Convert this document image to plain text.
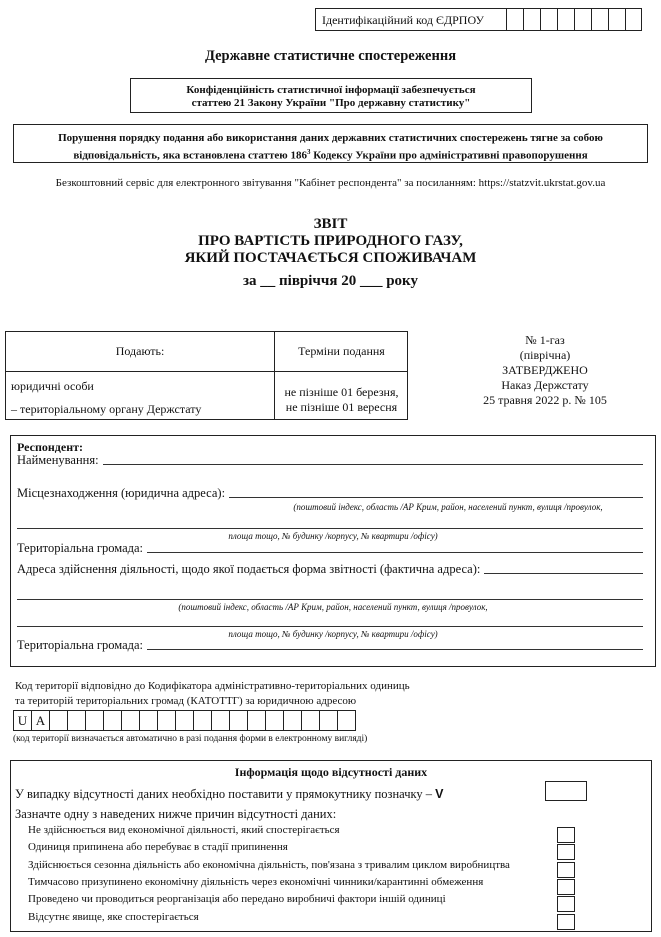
Ідентифікаційний код ЄДРПОУ
Державне статистичне спостереження
Конфіденційність статистичної інформації забезпечується
статтею 21 Закону України "Про державну статистику"
Порушення порядку подання або використання даних державних статистичних спостережень тягне за собою
відповідальність, яка встановлена статтею $186^3$ Кодексу України про адміністративні правопорушення
Безкоштовний сервіс для електронного звітування "Кабінет респондента" за посиланням: https://statzvit.ukrstat.gov.ua
ЗВІТ
ПРО ВАРТІСТЬ ПРИРОДНОГО ГАЗУ,
ЯКИЙ ПОСТАЧАЄТЬСЯ СПОЖИВАЧАМ
за __ півріччя 20 ___ року
Подають:	Терміни подання
юридичні особи
– територіальному органу Держстату
не пізніше 01 березня,
не пізніше 01 вересня
№ 1-газ
(піврічна)
ЗАТВЕРДЖЕНО
Наказ Держстату
25 травня 2022 р. № 105
Респондент:
Найменування:
Місцезнаходження (юридична адреса):
(поштовий індекс, область /АР Крим, район, населений пункт, вулиця /провулок,
площа тощо, № будинку /корпусу, № квартири /офісу)
Територіальна громада:
Адреса здійснення діяльності, щодо якої подається форма звітності (фактична адреса):
(поштовий індекс, область /АР Крим, район, населений пункт, вулиця /провулок,
площа тощо, № будинку /корпусу, № квартири /офісу)
Територіальна громада:
Код території відповідно до Кодифікатора адміністративно-територіальних одиниць
та територій територіальних громад (КАТОТТГ) за юридичною адресою
U A
(код території визначається автоматично в разі подання форми в електронному вигляді)
Інформація щодо відсутності даних
У випадку відсутності даних необхідно поставити у прямокутнику позначку – V
Зазначте одну з наведених нижче причин відсутності даних:
Не здійснюється вид економічної діяльності, який спостерігається
Одиниця припинена або перебуває в стадії припинення
Здійснюється сезонна діяльність або економічна діяльність, пов'язана з тривалим циклом виробництва
Тимчасово призупинено економічну діяльність через економічні чинники/карантинні обмеження
Проведено чи проводиться реорганізація або передано виробничі фактори іншій одиниці
Відсутнє явище, яке спостерігається
